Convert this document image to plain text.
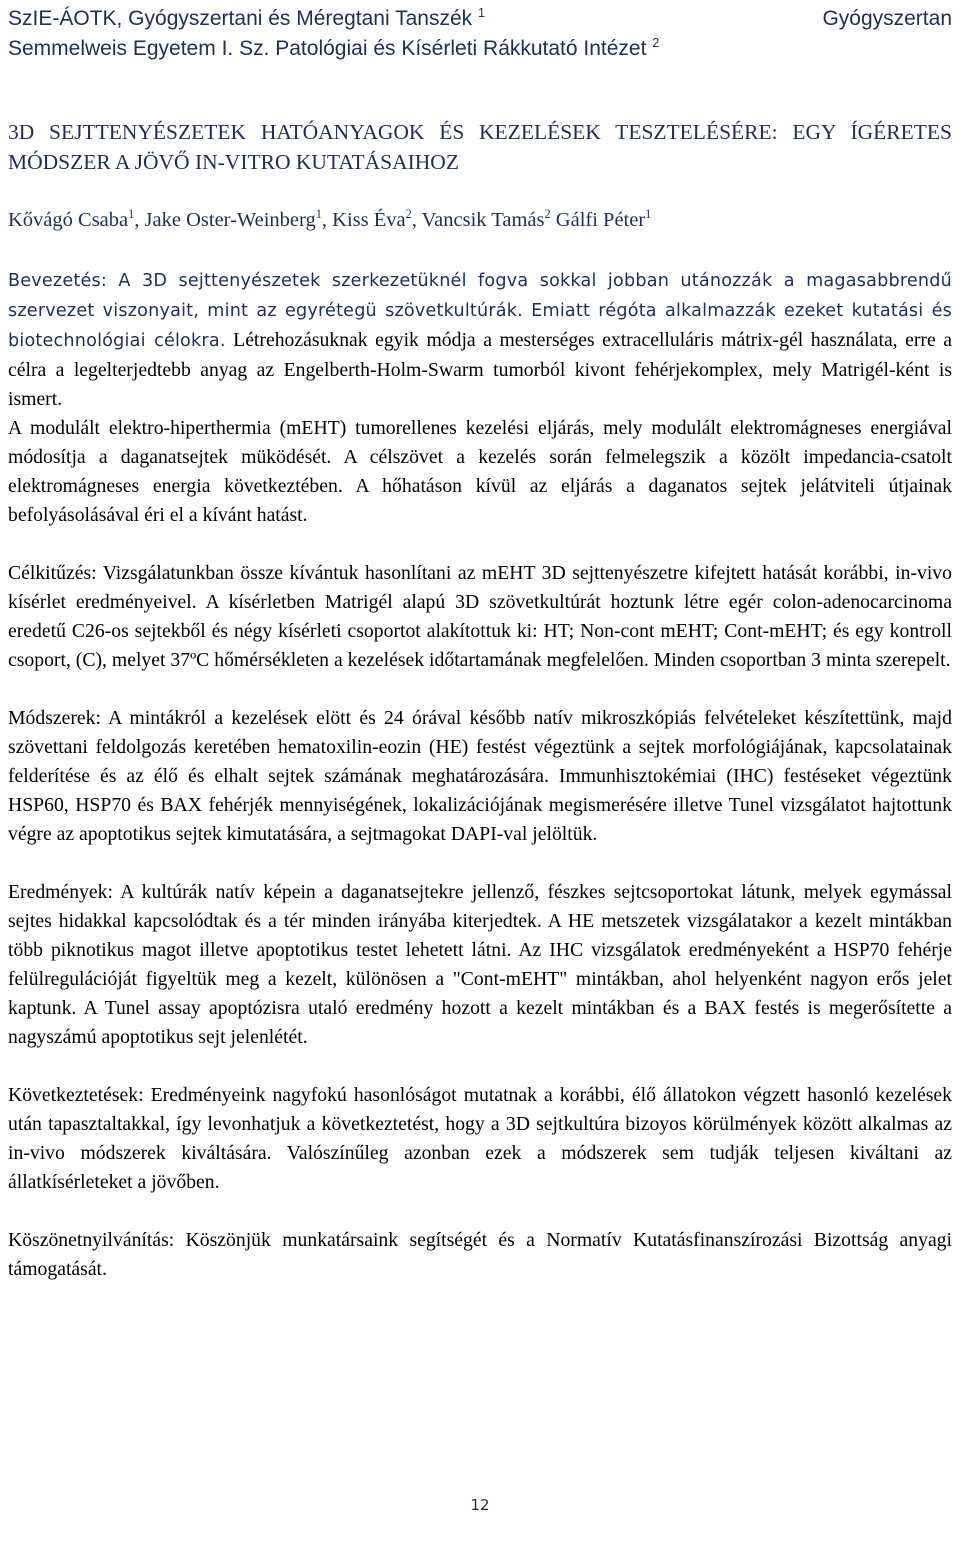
SzIE-ÁOTK, Gyógyszertani és Méregtani Tanszék $^1$	Gyógyszertan
Semmelweis Egyetem I. Sz. Patológiai és Kísérleti Rákkutató Intézet $^2$
3D SEJTTENYÉSZETEK HATÓANYAGOK ÉS KEZELÉSEK TESZTELÉSÉRE: EGY ÍGÉRETES MÓDSZER A JÖVŐ IN-VITRO KUTATÁSAIHOZ
Kővágó Csaba$^1$, Jake Oster-Weinberg$^1$, Kiss Éva$^2$, Vancsik Tamás$^2$ Gálfi Péter$^1$

Bevezetés: A 3D sejttenyészetek szerkezetüknél fogva sokkal jobban utánozzák a magasabbrendű szervezet viszonyait, mint az egyrétegü szövetkultúrák. Emiatt régóta alkalmazzák ezeket kutatási és biotechnológiai célokra. Létrehozásuknak egyik módja a mesterséges extracelluláris mátrix-gél használata, erre a célra a legelterjedtebb anyag az Engelberth-Holm-Swarm tumorból kivont fehérjekomplex, mely Matrigél-ként is ismert.

A modulált elektro-hiperthermia (mEHT) tumorellenes kezelési eljárás, mely modulált elektromágneses energiával módosítja a daganatsejtek müködését. A célszövet a kezelés során felmelegszik a közölt impedancia-csatolt elektromágneses energia következtében. A hőhatáson kívül az eljárás a daganatos sejtek jelátviteli útjainak befolyásolásával éri el a kívánt hatást.

Célkitűzés: Vizsgálatunkban össze kívántuk hasonlítani az mEHT 3D sejttenyészetre kifejtett hatását korábbi, in-vivo kísérlet eredményeivel. A kísérletben Matrigél alapú 3D szövetkultúrát hoztunk létre egér colon-adenocarcinoma eredetű C26-os sejtekből és négy kísérleti csoportot alakítottuk ki: HT; Non-cont mEHT; Cont-mEHT; és egy kontroll csoport, (C), melyet 37ºC hőmérsékleten a kezelések időtartamának megfelelően. Minden csoportban 3 minta szerepelt.

Módszerek: A mintákról a kezelések elött és 24 órával később natív mikroszkópiás felvételeket készítettünk, majd szövettani feldolgozás keretében hematoxilin-eozin (HE) festést végeztünk a sejtek morfológiájának, kapcsolatainak felderítése és az élő és elhalt sejtek számának meghatározására. Immunhisztokémiai (IHC) festéseket végeztünk HSP60, HSP70 és BAX fehérjék mennyiségének, lokalizációjának megismerésére illetve Tunel vizsgálatot hajtottunk végre az apoptotikus sejtek kimutatására, a sejtmagokat DAPI-val jelöltük.

Eredmények: A kultúrák natív képein a daganatsejtekre jellenző, fészkes sejtcsoportokat látunk, melyek egymással sejtes hidakkal kapcsolódtak és a tér minden irányába kiterjedtek. A HE metszetek vizsgálatakor a kezelt mintákban több piknotikus magot illetve apoptotikus testet lehetett látni. Az IHC vizsgálatok eredményeként a HSP70 fehérje felülregulációját figyeltük meg a kezelt, különösen a "Cont-mEHT" mintákban, ahol helyenként nagyon erős jelet kaptunk. A Tunel assay apoptózisra utaló eredmény hozott a kezelt mintákban és a BAX festés is megerősítette a nagyszámú apoptotikus sejt jelenlétét.

Következtetések: Eredményeink nagyfokú hasonlóságot mutatnak a korábbi, élő állatokon végzett hasonló kezelések után tapasztaltakkal, így levonhatjuk a következtetést, hogy a 3D sejtkultúra bizoyos körülmények között alkalmas az in-vivo módszerek kiváltására. Valószínűleg azonban ezek a módszerek sem tudják teljesen kiváltani az állatkísérleteket a jövőben.

Köszönetnyilvánítás: Köszönjük munkatársaink segítségét és a Normatív Kutatásfinanszírozási Bizottság anyagi támogatását.

12
